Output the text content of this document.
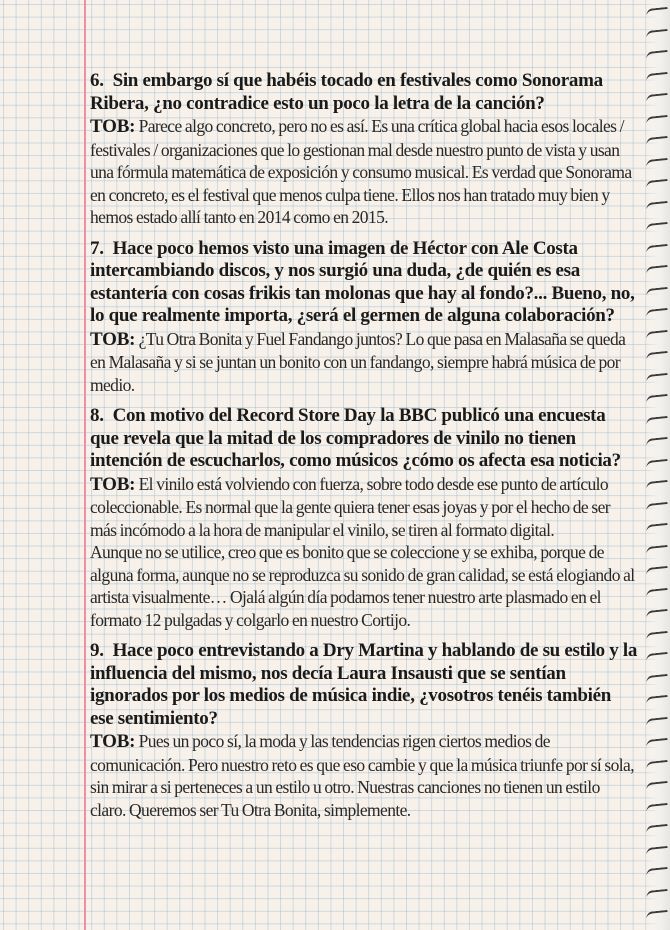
6. Sin embargo sí que habéis tocado en festivales como Sonorama Ribera, ¿no contradice esto un poco la letra de la canción?

TOB: Parece algo concreto, pero no es así. Es una crítica global hacia esos locales / festivales / organizaciones que lo gestionan mal desde nuestro punto de vista y usan una fórmula matemática de exposición y consumo musical. Es verdad que Sonorama en concreto, es el festival que menos culpa tiene. Ellos nos han tratado muy bien y hemos estado allí tanto en 2014 como en 2015.

7. Hace poco hemos visto una imagen de Héctor con Ale Costa intercambiando discos, y nos surgió una duda, ¿de quién es esa estantería con cosas frikis tan molonas que hay al fondo?... Bueno, no, lo que realmente importa, ¿será el germen de alguna colaboración?

TOB: ¿Tu Otra Bonita y Fuel Fandango juntos? Lo que pasa en Malasaña se queda en Malasaña y si se juntan un bonito con un fandango, siempre habrá música de por medio.

8. Con motivo del Record Store Day la BBC publicó una encuesta que revela que la mitad de los compradores de vinilo no tienen intención de escucharlos, como músicos ¿cómo os afecta esa noticia?

TOB: El vinilo está volviendo con fuerza, sobre todo desde ese punto de artículo coleccionable. Es normal que la gente quiera tener esas joyas y por el hecho de ser más incómodo a la hora de manipular el vinilo, se tiren al formato digital.

Aunque no se utilice, creo que es bonito que se coleccione y se exhiba, porque de alguna forma, aunque no se reproduzca su sonido de gran calidad, se está elogiando al artista visualmente… Ojalá algún día podamos tener nuestro arte plasmado en el formato 12 pulgadas y colgarlo en nuestro Cortijo.

9. Hace poco entrevistando a Dry Martina y hablando de su estilo y la influencia del mismo, nos decía Laura Insausti que se sentían ignorados por los medios de música indie, ¿vosotros tenéis también ese sentimiento?

TOB: Pues un poco sí, la moda y las tendencias rigen ciertos medios de comunicación. Pero nuestro reto es que eso cambie y que la música triunfe por sí sola, sin mirar a si perteneces a un estilo u otro. Nuestras canciones no tienen un estilo claro. Queremos ser Tu Otra Bonita, simplemente.
